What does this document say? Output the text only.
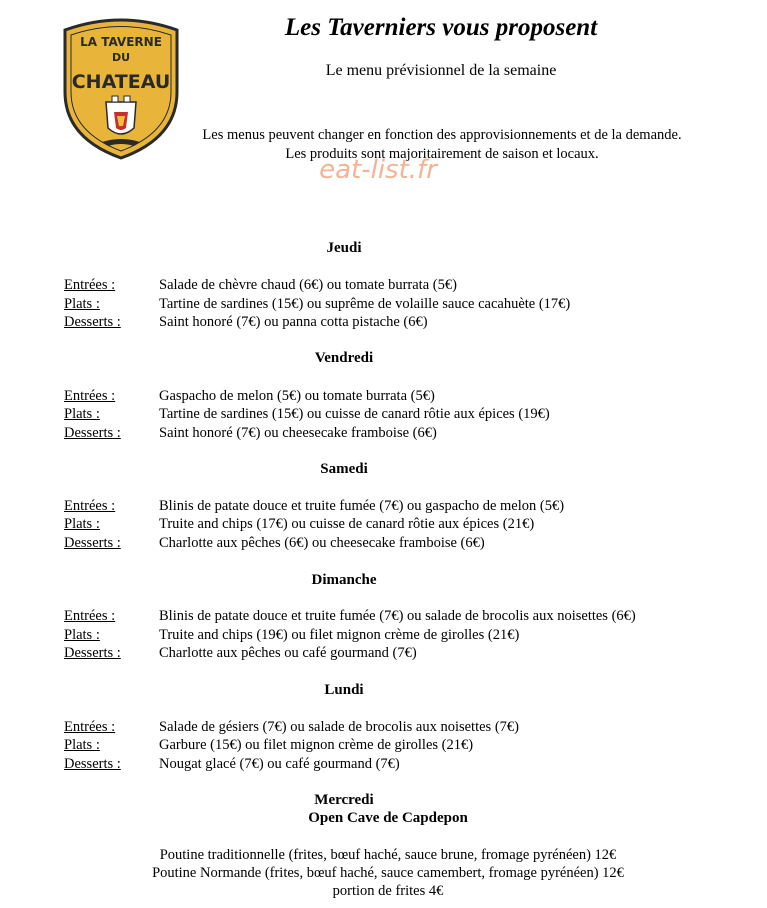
LA TAVERNE
DU
CHATEAU
Les Taverniers vous proposent
Le menu prévisionnel de la semaine
Les menus peuvent changer en fonction des approvisionnements et de la demande.
Les produits sont majoritairement de saison et locaux.
eat-list.fr
Jeudi
Entrées :	Salade de chèvre chaud (6€) ou tomate burrata (5€)
Plats :	Tartine de sardines (15€) ou suprême de volaille sauce cacahuète (17€)
Desserts :	Saint honoré (7€) ou panna cotta pistache (6€)
Vendredi
Entrées :	Gaspacho de melon (5€) ou tomate burrata (5€)
Plats :	Tartine de sardines (15€) ou cuisse de canard rôtie aux épices (19€)
Desserts :	Saint honoré (7€) ou cheesecake framboise (6€)
Samedi
Entrées :	Blinis de patate douce et truite fumée (7€) ou gaspacho de melon (5€)
Plats :	Truite and chips (17€) ou cuisse de canard rôtie aux épices (21€)
Desserts :	Charlotte aux pêches (6€) ou cheesecake framboise (6€)
Dimanche
Entrées :	Blinis de patate douce et truite fumée (7€) ou salade de brocolis aux noisettes (6€)
Plats :	Truite and chips (19€) ou filet mignon crème de girolles (21€)
Desserts :	Charlotte aux pêches ou café gourmand (7€)
Lundi
Entrées :	Salade de gésiers (7€) ou salade de brocolis aux noisettes (7€)
Plats :	Garbure (15€) ou filet mignon crème de girolles (21€)
Desserts :	Nougat glacé (7€) ou café gourmand (7€)
Mercredi
Open Cave de Capdepon
Poutine traditionnelle (frites, bœuf haché, sauce brune, fromage pyrénéen) 12€
Poutine Normande (frites, bœuf haché, sauce camembert, fromage pyrénéen) 12€
portion de frites 4€
